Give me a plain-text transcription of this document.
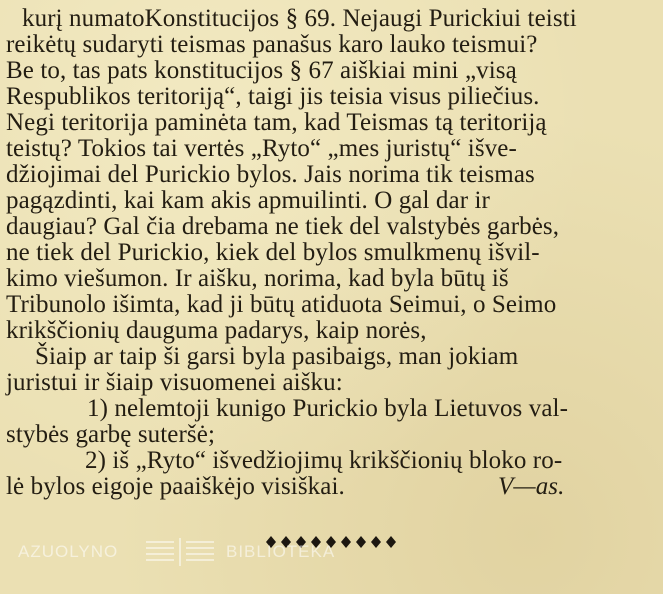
kurį numatoKonstitucijos § 69. Nejaugi Purickiui teisti
reikėtų sudaryti teismas panašus karo lauko teismui?
Be to, tas pats konstitucijos § 67 aiškiai mini „visą
Respublikos teritoriją“, taigi jis teisia visus piliečius.
Negi teritorija paminėta tam, kad Teismas tą teritoriją
teistų? Tokios tai vertės „Ryto“ „mes juristų“ išve-
džiojimai del Purickio bylos. Jais norima tik teismas
pagązdinti, kai kam akis apmuilinti. O gal dar ir
daugiau? Gal čia drebama ne tiek del valstybės garbės,
ne tiek del Purickio, kiek del bylos smulkmenų išvil-
kimo viešumon. Ir aišku, norima, kad byla būtų iš
Tribunolo išimta, kad ji būtų atiduota Seimui, o Seimo
krikščionių dauguma padarys, kaip norės,
Šiaip ar taip ši garsi byla pasibaigs, man jokiam
juristui ir šiaip visuomenei aišku:
1) nelemtoji kunigo Purickio byla Lietuvos val-
stybės garbę suteršė;
2) iš „Ryto“ išvedžiojimų krikščionių bloko ro-
lė bylos eigoje paaiškėjo visiškai.	V—as.
AZUOLYNO	BIBLIOTEKA
